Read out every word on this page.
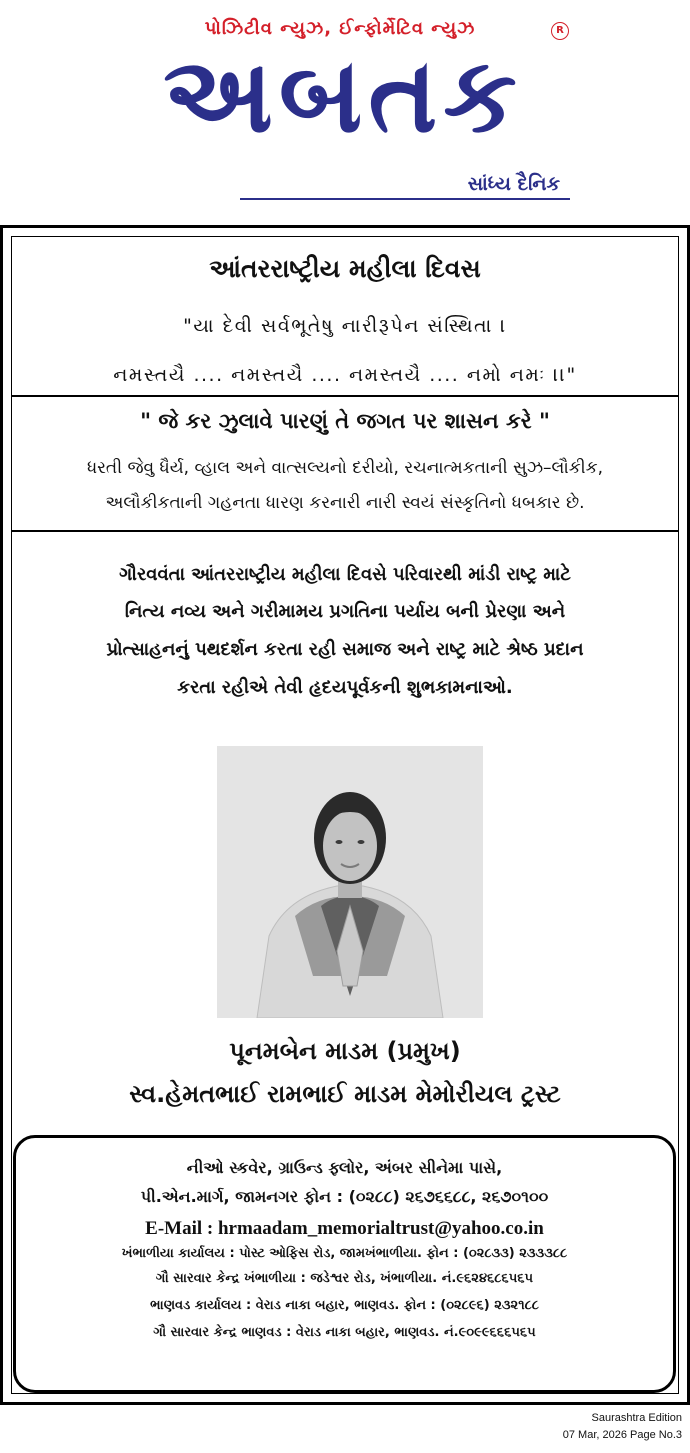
પોઝિટીવ ન્યુઝ, ઈન્ફોર્મેટિવ ન્યુઝ	R
અબતક
સાંધ્ય દૈનિક
આંતરરાષ્ટ્રીય મહીલા દિવસ
"યા દેવી સર્વભૂતેષુ નારીરૂપેન સંસ્થિતા ।
નમસ્તયૈ .... નમસ્તયૈ .... નમસ્તયૈ .... નમો નમઃ ।।"
" જે કર ઝુલાવે પારણું તે જગત પર શાસન કરે "
ધરતી જેવુ ધૈર્ય, વ્હાલ અને વાત્સલ્યનો દરીયો, રચનાત્મકતાની સુઝ–લૌકીક,
અલૌકીકતાની ગહનતા ધારણ કરનારી નારી સ્વયં સંસ્કૃતિનો ધબકાર છે.
ગૌરવવંતા આંતરરાષ્ટ્રીય મહીલા દિવસે પરિવારથી માંડી રાષ્ટ્ર માટે
નિત્ય નવ્ય અને ગરીમામય પ્રગતિના પર્યાય બની પ્રેરણા અને
પ્રોત્સાહનનું પથદર્શન કરતા રહી સમાજ અને રાષ્ટ્ર માટે શ્રેષ્ઠ પ્રદાન
કરતા રહીએ તેવી હૃદયપૂર્વકની શુભકામનાઓ.
પૂનમબેન માડમ (પ્રમુખ)
સ્વ.હેમતભાઈ રામભાઈ માડમ મેમોરીયલ ટ્રસ્ટ
નીઓ સ્કવેર, ગ્રાઉન્ડ ફ્લોર, અંબર સીનેમા પાસે,
પી.એન.માર્ગ, જામનગર ફોન : (૦૨૮૮) ૨૬૭૬૬૮૮, ૨૬૭૦૧૦૦
E-Mail : hrmaadam_memorialtrust@yahoo.co.in
ખંભાળીયા કાર્યાલય : પોસ્ટ ઓફિસ રોડ, જામખંભાળીયા. ફોન : (૦૨૮૩૩) ૨૩૩૩૮૮
ગૌ સારવાર કેન્દ્ર ખંભાળીયા : જડેશ્વર રોડ, ખંભાળીયા. નં.૯૬૨૪૬૮૬૫૬૫
ભાણવડ કાર્યાલય : વેરાડ નાકા બહાર, ભાણવડ. ફોન : (૦૨૮૯૬) ૨૩૨૧૮૮
ગૌ સારવાર કેન્દ્ર ભાણવડ : વેરાડ નાકા બહાર, ભાણવડ. નં.૯૦૯૯૬૬૬૫૬૫
Saurashtra Edition
07 Mar, 2026 Page No.3
